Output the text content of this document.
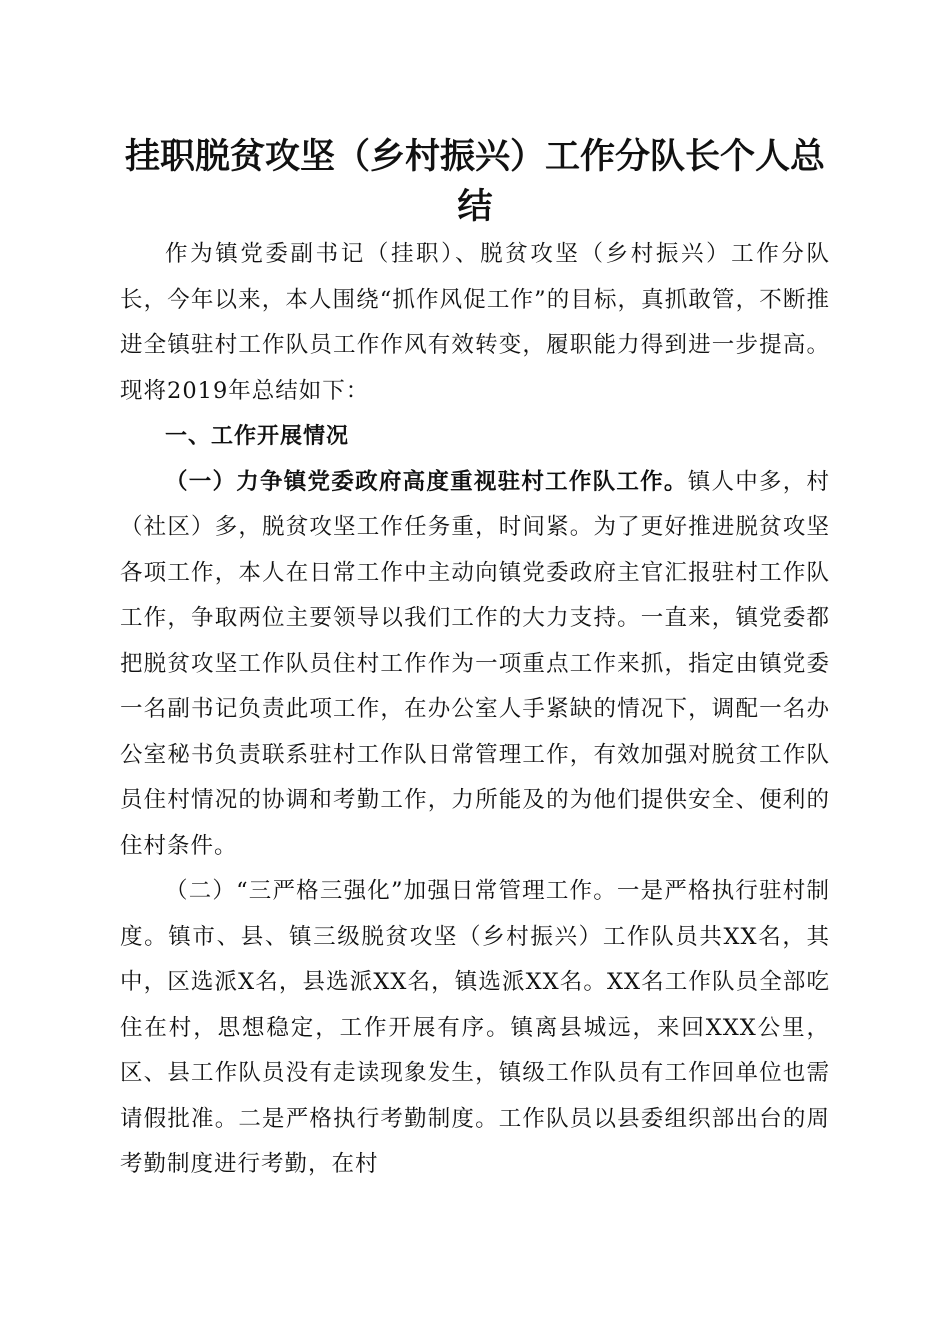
挂职脱贫攻坚（乡村振兴）工作分队长个人总结

作为镇党委副书记（挂职）、脱贫攻坚（乡村振兴）工作分队长，今年以来，本人围绕“抓作风促工作”的目标，真抓敢管，不断推进全镇驻村工作队员工作作风有效转变，履职能力得到进一步提高。现将2019年总结如下：

一、工作开展情况

（一）力争镇党委政府高度重视驻村工作队工作。镇人中多，村（社区）多，脱贫攻坚工作任务重，时间紧。为了更好推进脱贫攻坚各项工作，本人在日常工作中主动向镇党委政府主官汇报驻村工作队工作，争取两位主要领导以我们工作的大力支持。一直来，镇党委都把脱贫攻坚工作队员住村工作作为一项重点工作来抓，指定由镇党委一名副书记负责此项工作，在办公室人手紧缺的情况下，调配一名办公室秘书负责联系驻村工作队日常管理工作，有效加强对脱贫工作队员住村情况的协调和考勤工作，力所能及的为他们提供安全、便利的住村条件。

（二）“三严格三强化”加强日常管理工作。一是严格执行驻村制度。镇市、县、镇三级脱贫攻坚（乡村振兴）工作队员共XX名，其中，区选派X名，县选派XX名，镇选派XX名。XX名工作队员全部吃住在村，思想稳定，工作开展有序。镇离县城远，来回XXX公里，区、县工作队员没有走读现象发生，镇级工作队员有工作回单位也需请假批准。二是严格执行考勤制度。工作队员以县委组织部出台的周考勤制度进行考勤，在村
